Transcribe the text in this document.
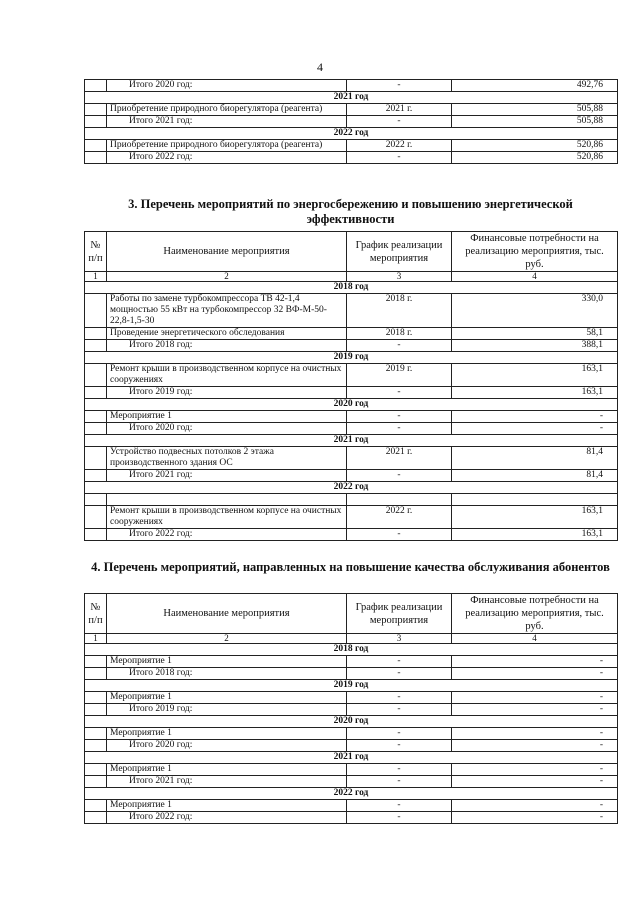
4
	Итого 2020 год:	-	492,76
2021 год			
	Приобретение природного биорегулятора (реагента)	2021 г.	505,88
	Итого 2021 год:	-	505,88
2022 год			
	Приобретение природного биорегулятора (реагента)	2022 г.	520,86
	Итого 2022 год:	-	520,86
3. Перечень мероприятий по энергосбережению и повышению энергетической эффективности
№ п/п	Наименование мероприятия	График реализации мероприятия	Финансовые потребности на реализацию мероприятия, тыс. руб.
1	2	3	4
2018 год			
	Работы по замене турбокомпрессора ТВ 42-1,4 мощностью 55 кВт на турбокомпрессор 32 ВФ-М-50-22,8-1,5-30	2018 г.	330,0
	Проведение энергетического обследования	2018 г.	58,1
	Итого 2018 год:	-	388,1
2019 год			
	Ремонт крыши в производственном корпусе на очистных сооружениях	2019 г.	163,1
	Итого 2019 год:	-	163,1
2020 год			
	Мероприятие 1	-	-
	Итого 2020 год:	-	-
2021 год			
	Устройство подвесных потолков 2 этажа производственного здания ОС	2021 г.	81,4
	Итого 2021 год:	-	81,4
2022 год			

	Ремонт крыши в производственном корпусе на очистных сооружениях	2022 г.	163,1
	Итого 2022 год:	-	163,1
4. Перечень мероприятий, направленных на повышение качества обслуживания абонентов
№ п/п	Наименование мероприятия	График реализации мероприятия	Финансовые потребности на реализацию мероприятия, тыс. руб.
1	2	3	4
2018 год			
	Мероприятие 1	-	-
	Итого 2018 год:	-	-
2019 год			
	Мероприятие 1	-	-
	Итого 2019 год:	-	-
2020 год			
	Мероприятие 1	-	-
	Итого 2020 год:	-	-
2021 год			
	Мероприятие 1	-	-
	Итого 2021 год:	-	-
2022 год			
	Мероприятие 1	-	-
	Итого 2022 год:	-	-
